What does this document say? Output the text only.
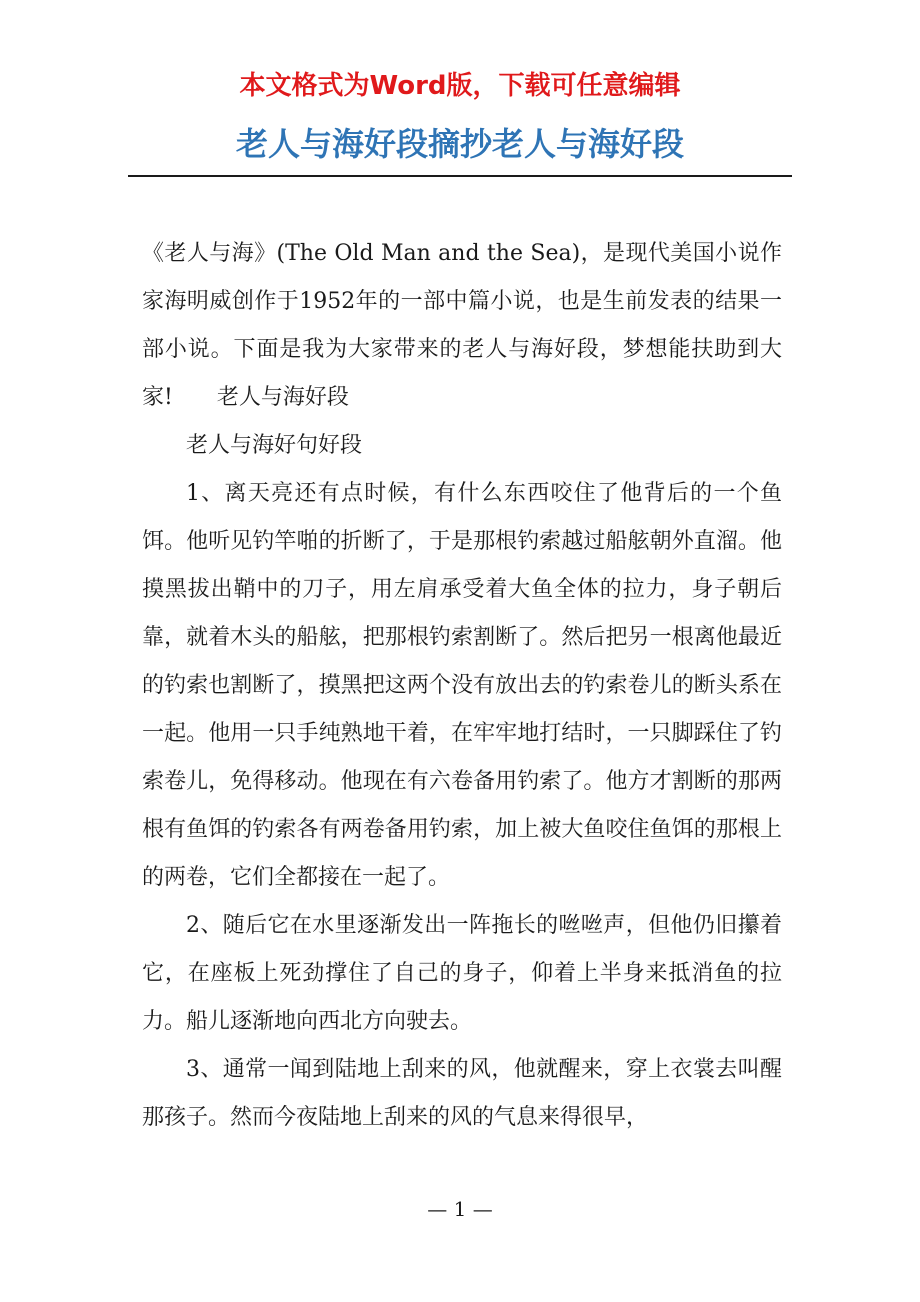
本文格式为Word版，下载可任意编辑
老人与海好段摘抄老人与海好段

《老人与海》(The Old Man and the Sea)，是现代美国小说作家海明威创作于1952年的一部中篇小说，也是生前发表的结果一部小说。下面是我为大家带来的老人与海好段，梦想能扶助到大家! 老人与海好段

老人与海好句好段

1、离天亮还有点时候，有什么东西咬住了他背后的一个鱼饵。他听见钓竿啪的折断了，于是那根钓索越过船舷朝外直溜。他摸黑拔出鞘中的刀子，用左肩承受着大鱼全体的拉力，身子朝后靠，就着木头的船舷，把那根钓索割断了。然后把另一根离他最近的钓索也割断了，摸黑把这两个没有放出去的钓索卷儿的断头系在一起。他用一只手纯熟地干着，在牢牢地打结时，一只脚踩住了钓索卷儿，免得移动。他现在有六卷备用钓索了。他方才割断的那两根有鱼饵的钓索各有两卷备用钓索，加上被大鱼咬住鱼饵的那根上的两卷，它们全都接在一起了。

2、随后它在水里逐渐发出一阵拖长的咝咝声，但他仍旧攥着它，在座板上死劲撑住了自己的身子，仰着上半身来抵消鱼的拉力。船儿逐渐地向西北方向驶去。

3、通常一闻到陆地上刮来的风，他就醒来，穿上衣裳去叫醒那孩子。然而今夜陆地上刮来的风的气息来得很早，

— 1 —
